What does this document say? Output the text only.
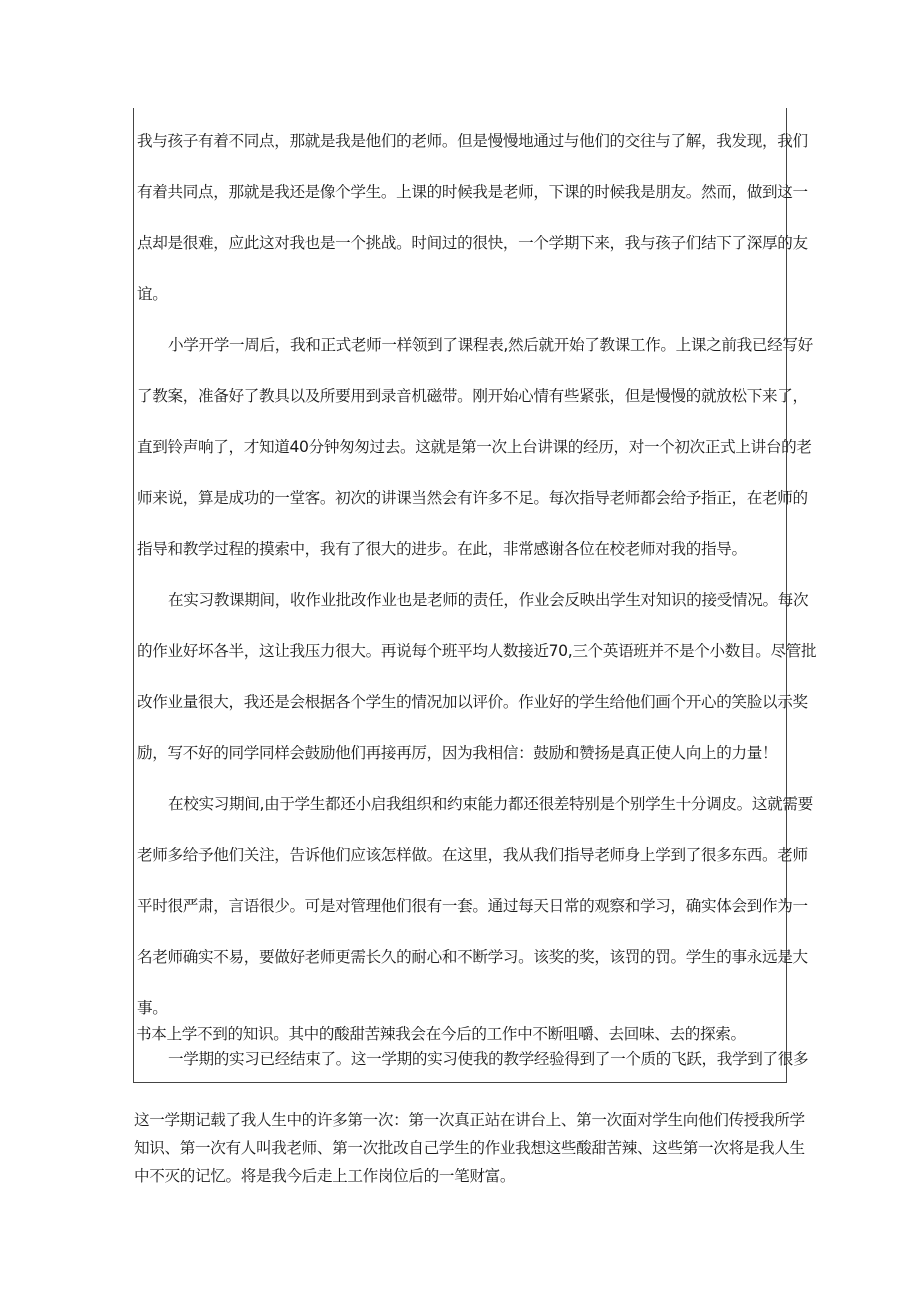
我与孩子有着不同点，那就是我是他们的老师。但是慢慢地通过与他们的交往与了解，我发现，我们
有着共同点，那就是我还是像个学生。上课的时候我是老师，下课的时候我是朋友。然而，做到这一
点却是很难，应此这对我也是一个挑战。时间过的很快，一个学期下来，我与孩子们结下了深厚的友
谊。
小学开学一周后，我和正式老师一样领到了课程表,然后就开始了教课工作。上课之前我已经写好
了教案，准备好了教具以及所要用到录音机磁带。刚开始心情有些紧张，但是慢慢的就放松下来了，
直到铃声响了，才知道40分钟匆匆过去。这就是第一次上台讲课的经历，对一个初次正式上讲台的老
师来说，算是成功的一堂客。初次的讲课当然会有许多不足。每次指导老师都会给予指正，在老师的
指导和教学过程的摸索中，我有了很大的进步。在此，非常感谢各位在校老师对我的指导。
在实习教课期间，收作业批改作业也是老师的责任，作业会反映出学生对知识的接受情况。每次
的作业好坏各半，这让我压力很大。再说每个班平均人数接近70,三个英语班并不是个小数目。尽管批
改作业量很大，我还是会根据各个学生的情况加以评价。作业好的学生给他们画个开心的笑脸以示奖
励，写不好的同学同样会鼓励他们再接再厉，因为我相信：鼓励和赞扬是真正使人向上的力量！
在校实习期间,由于学生都还小启我组织和约束能力都还很差特别是个别学生十分调皮。这就需要
老师多给予他们关注，告诉他们应该怎样做。在这里，我从我们指导老师身上学到了很多东西。老师
平时很严肃，言语很少。可是对管理他们很有一套。通过每天日常的观察和学习，确实体会到作为一
名老师确实不易，要做好老师更需长久的耐心和不断学习。该奖的奖，该罚的罚。学生的事永远是大
事。
一学期的实习已经结束了。这一学期的实习使我的教学经验得到了一个质的飞跃，我学到了很多
书本上学不到的知识。其中的酸甜苦辣我会在今后的工作中不断咀嚼、去回味、去的探索。
这一学期记载了我人生中的许多第一次：第一次真正站在讲台上、第一次面对学生向他们传授我所学
知识、第一次有人叫我老师、第一次批改自己学生的作业我想这些酸甜苦辣、这些第一次将是我人生
中不灭的记忆。将是我今后走上工作岗位后的一笔财富。
